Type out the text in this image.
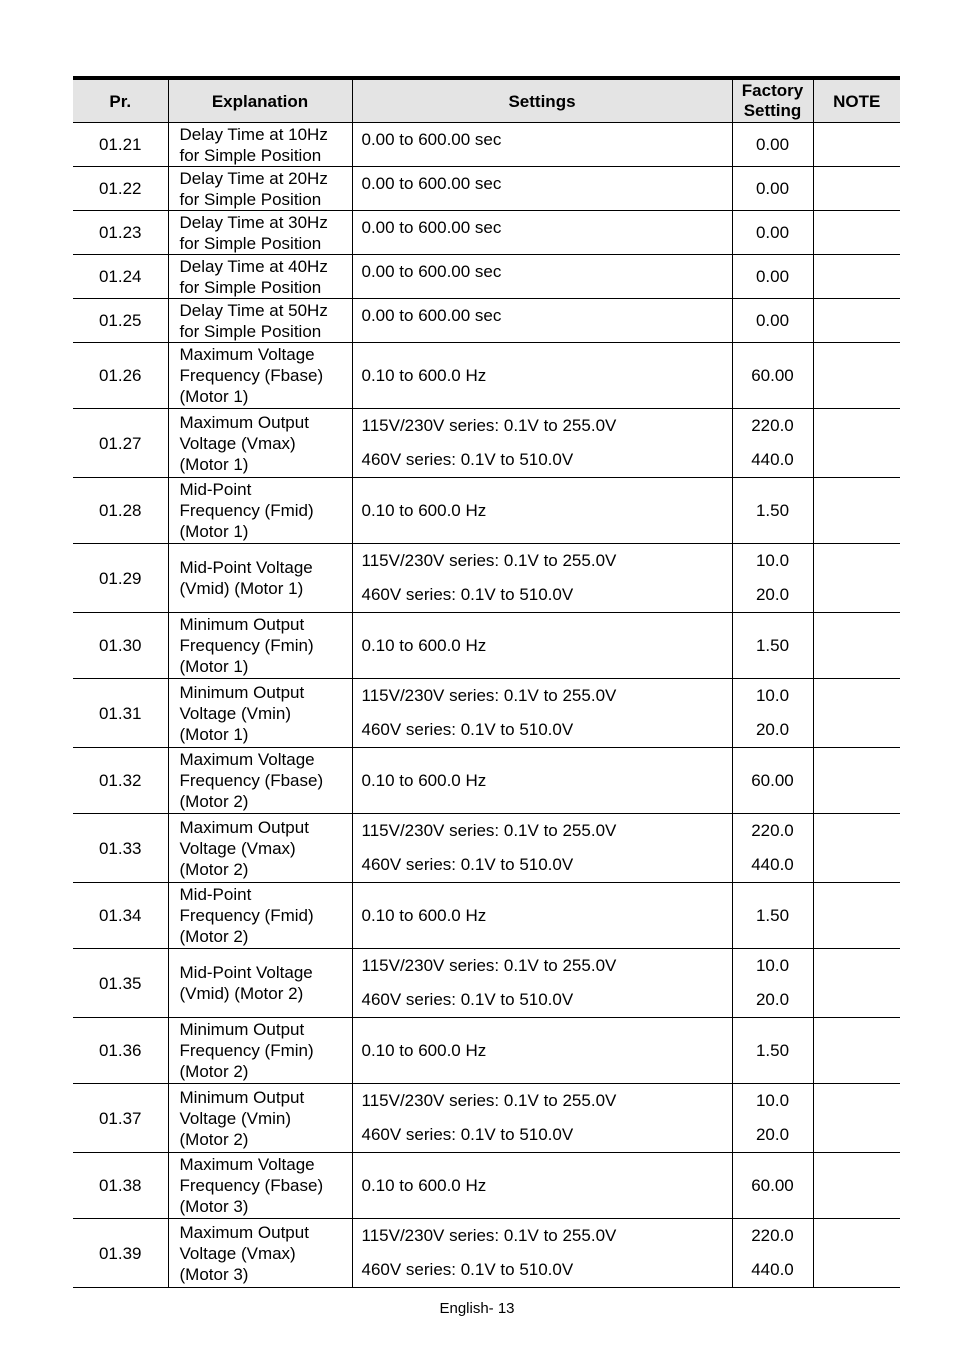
Pr.	Explanation	Settings	Factory
Setting	NOTE
01.21	Delay Time at 10Hz
for Simple Position	0.00 to 600.00 sec	0.00	

01.22	Delay Time at 20Hz
for Simple Position	0.00 to 600.00 sec	0.00	

01.23	Delay Time at 30Hz
for Simple Position	0.00 to 600.00 sec	0.00	

01.24	Delay Time at 40Hz
for Simple Position	0.00 to 600.00 sec	0.00	

01.25	Delay Time at 50Hz
for Simple Position	0.00 to 600.00 sec	0.00	

01.26	Maximum Voltage
Frequency (Fbase)
(Motor 1)	0.10 to 600.0 Hz	60.00	

01.27	Maximum Output
Voltage (Vmax)
(Motor 1)	115V/230V series: 0.1V to 255.0V
460V series: 0.1V to 510.0V	220.0
440.0	

01.28	Mid-Point
Frequency (Fmid)
(Motor 1)	0.10 to 600.0 Hz	1.50	

01.29	Mid-Point Voltage
(Vmid) (Motor 1)	115V/230V series: 0.1V to 255.0V
460V series: 0.1V to 510.0V	10.0
20.0	

01.30	Minimum Output
Frequency (Fmin)
(Motor 1)	0.10 to 600.0 Hz	1.50	

01.31	Minimum Output
Voltage (Vmin)
(Motor 1)	115V/230V series: 0.1V to 255.0V
460V series: 0.1V to 510.0V	10.0
20.0	

01.32	Maximum Voltage
Frequency (Fbase)
(Motor 2)	0.10 to 600.0 Hz	60.00	

01.33	Maximum Output
Voltage (Vmax)
(Motor 2)	115V/230V series: 0.1V to 255.0V
460V series: 0.1V to 510.0V	220.0
440.0	

01.34	Mid-Point
Frequency (Fmid)
(Motor 2)	0.10 to 600.0 Hz	1.50	

01.35	Mid-Point Voltage
(Vmid) (Motor 2)	115V/230V series: 0.1V to 255.0V
460V series: 0.1V to 510.0V	10.0
20.0	

01.36	Minimum Output
Frequency (Fmin)
(Motor 2)	0.10 to 600.0 Hz	1.50	

01.37	Minimum Output
Voltage (Vmin)
(Motor 2)	115V/230V series: 0.1V to 255.0V
460V series: 0.1V to 510.0V	10.0
20.0	

01.38	Maximum Voltage
Frequency (Fbase)
(Motor 3)	0.10 to 600.0 Hz	60.00	

01.39	Maximum Output
Voltage (Vmax)
(Motor 3)	115V/230V series: 0.1V to 255.0V
460V series: 0.1V to 510.0V	220.0
440.0	

English- 13
